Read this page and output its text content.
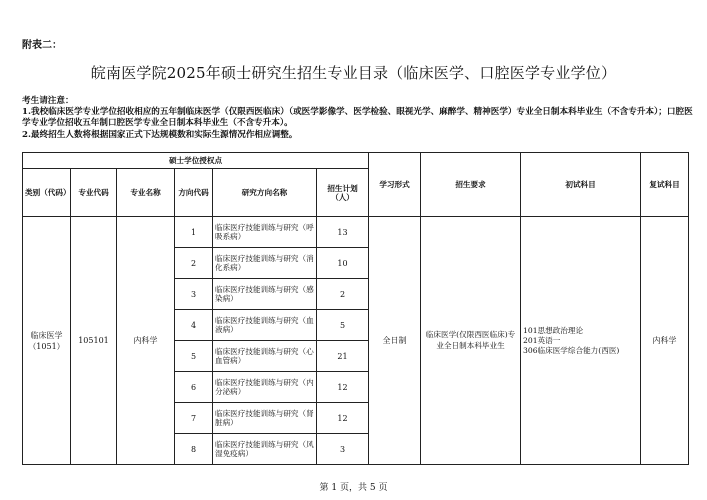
附表二：
皖南医学院2025年硕士研究生招生专业目录（临床医学、口腔医学专业学位）
考生请注意：
1.我校临床医学专业学位招收相应的五年制临床医学（仅限西医临床）（或医学影像学、医学检验、眼视光学、麻醉学、精神医学）专业全日制本科毕业生（不含专升本）；口腔医学专业学位招收五年制口腔医学专业全日制本科毕业生（不含专升本）。
2.最终招生人数将根据国家正式下达规模数和实际生源情况作相应调整。
硕士学位授权点						学习形式	招生要求	初试科目	复试科目
类别（代码）	专业代码	专业名称	方向代码	研究方向名称	招生计划（人）				
临床医学（1051）	105101	内科学	1	临床医疗技能训练与研究（呼吸系病）	13	全日制	临床医学(仅限西医临床)专业全日制本科毕业生	101思想政治理论
201英语一
306临床医学综合能力(西医)	内科学
			2	临床医疗技能训练与研究（消化系病）	10				
			3	临床医疗技能训练与研究（感染病）	2				
			4	临床医疗技能训练与研究（血液病）	5				
			5	临床医疗技能训练与研究（心血管病）	21				
			6	临床医疗技能训练与研究（内分泌病）	12				
			7	临床医疗技能训练与研究（肾脏病）	12				
			8	临床医疗技能训练与研究（风湿免疫病）	3				
第 1 页，共 5 页
